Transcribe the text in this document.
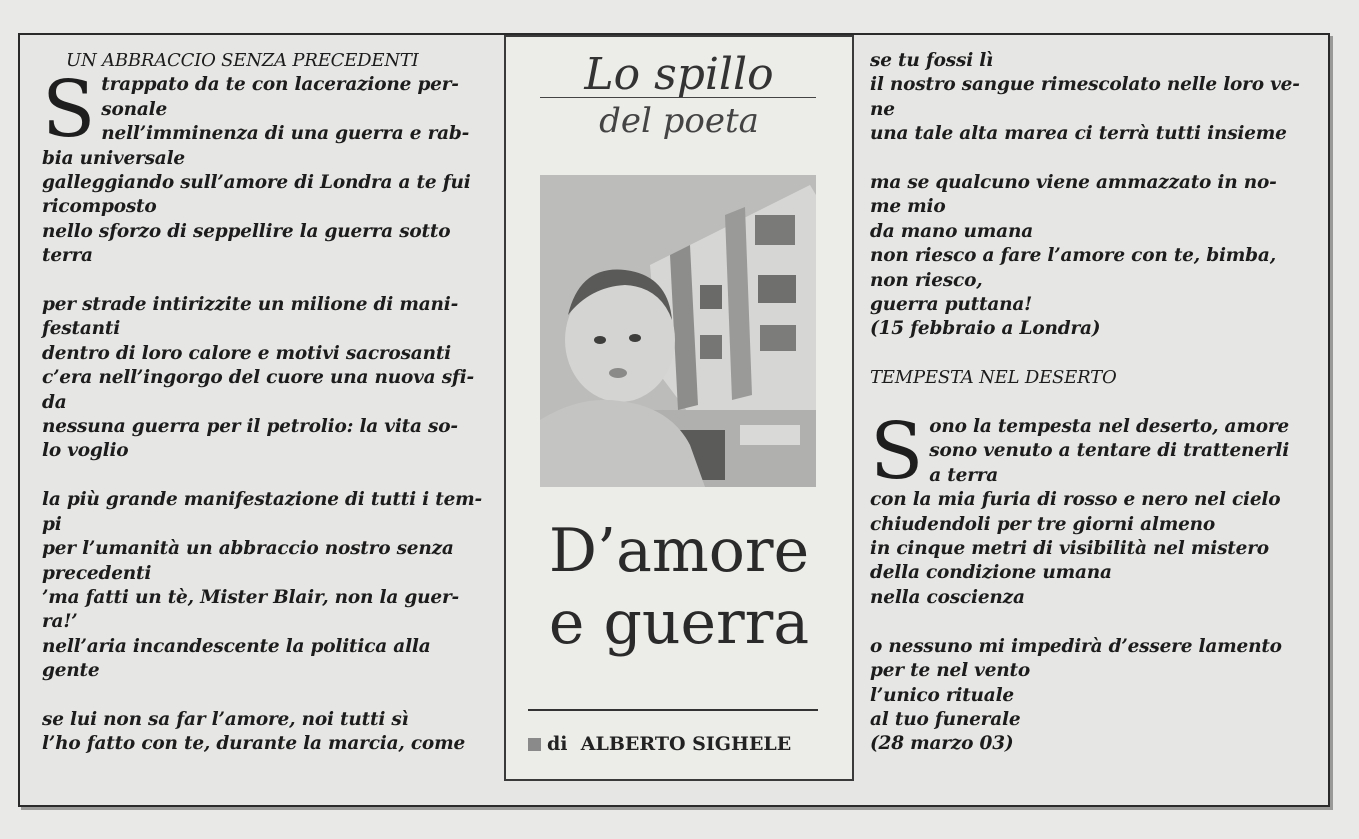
UN ABBRACCIO SENZA PRECEDENTI

S trappato da te con lacerazione per-

sonale

nell’imminenza di una guerra e rab-

bia universale

galleggiando sull’amore di Londra a te fui

ricomposto

nello sforzo di seppellire la guerra sotto

terra

per strade intirizzite un milione di mani-

festanti

dentro di loro calore e motivi sacrosanti

c’era nell’ingorgo del cuore una nuova sfi-

da

nessuna guerra per il petrolio: la vita so-

lo voglio

la più grande manifestazione di tutti i tem-

pi

per l’umanità un abbraccio nostro senza

precedenti

’ma fatti un tè, Mister Blair, non la guer-

ra!’

nell’aria incandescente la politica alla

gente

se lui non sa far l’amore, noi tutti sì

l’ho fatto con te, durante la marcia, come

Lo spillo
del poeta
D’amore
e guerra
di ALBERTO SIGHELE

se tu fossi lì

il nostro sangue rimescolato nelle loro ve-

ne

una tale alta marea ci terrà tutti insieme

ma se qualcuno viene ammazzato in no-

me mio

da mano umana

non riesco a fare l’amore con te, bimba,

non riesco,

guerra puttana!

(15 febbraio a Londra)

TEMPESTA NEL DESERTO

S ono la tempesta nel deserto, amore

sono venuto a tentare di trattenerli

a terra

con la mia furia di rosso e nero nel cielo

chiudendoli per tre giorni almeno

in cinque metri di visibilità nel mistero

della condizione umana

nella coscienza

o nessuno mi impedirà d’essere lamento

per te nel vento

l’unico rituale

al tuo funerale

(28 marzo 03)
